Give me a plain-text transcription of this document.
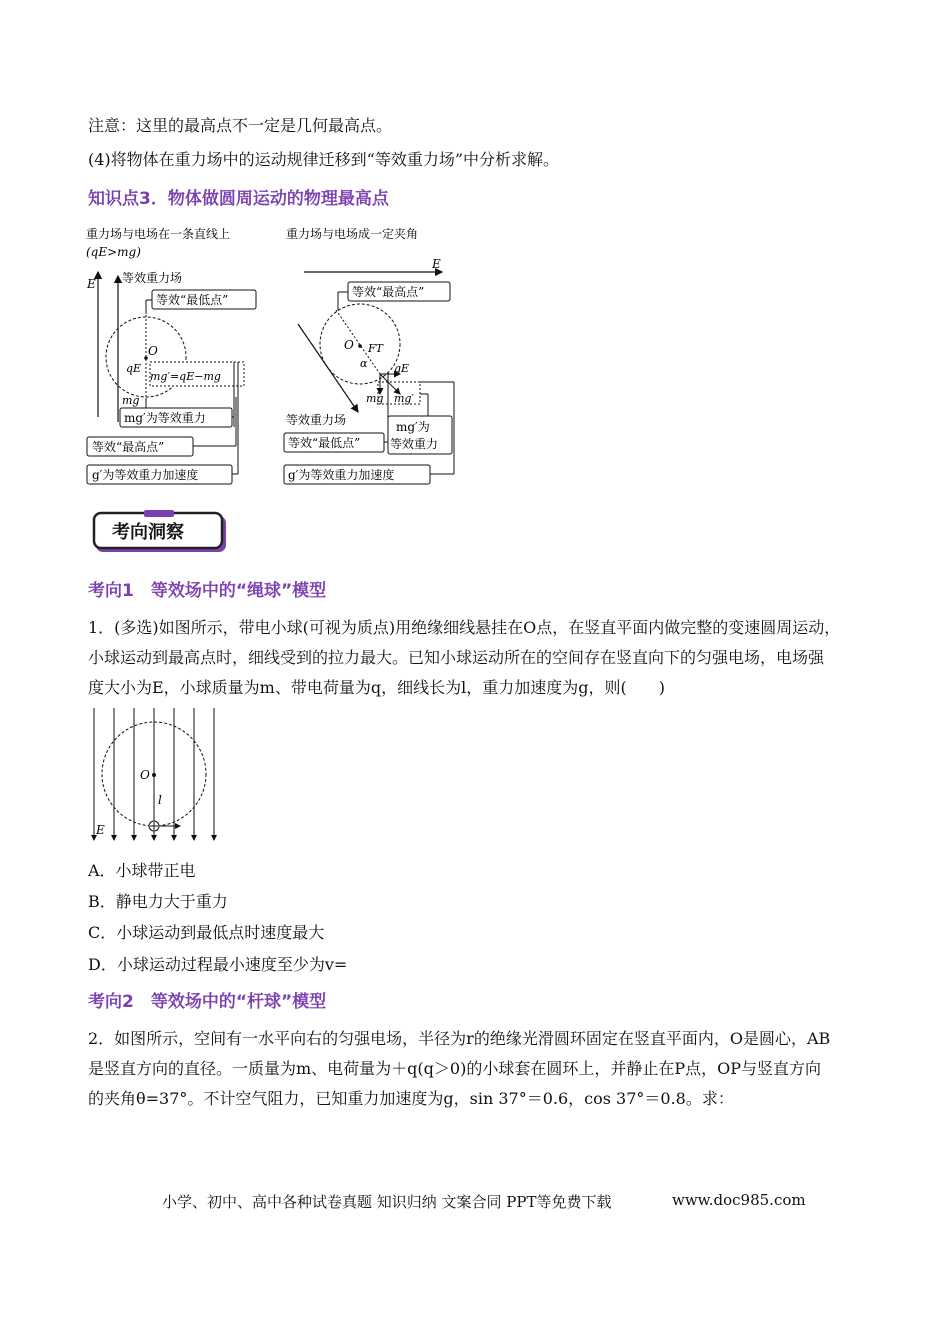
注意：这里的最高点不一定是几何最高点。
(4)将物体在重力场中的运动规律迁移到“等效重力场”中分析求解。
知识点3．物体做圆周运动的物理最高点
重力场与电场在一条直线上
(qE>mg)
E 等效重力场
等效“最低点”
O
qE
mg′=qE−mg
mg
mg′为等效重力
等效“最高点”
g′为等效重力加速度
重力场与电场成一定夹角
E
等效“最高点”
O FT
α qE
mg mg′
等效重力场
等效“最低点”
mg′为
等效重力
g′为等效重力加速度
考向洞察
考向1　等效场中的“绳球”模型
1．(多选)如图所示，带电小球(可视为质点)用绝缘细线悬挂在O点，在竖直平面内做完整的变速圆周运动，
小球运动到最高点时，细线受到的拉力最大。已知小球运动所在的空间存在竖直向下的匀强电场，电场强
度大小为E，小球质量为m、带电荷量为q，细线长为l，重力加速度为g，则(　　)
O
l
E
A．小球带正电
B．静电力大于重力
C．小球运动到最低点时速度最大
D．小球运动过程最小速度至少为v=
考向2　等效场中的“杆球”模型
2．如图所示，空间有一水平向右的匀强电场，半径为r的绝缘光滑圆环固定在竖直平面内，O是圆心，AB
是竖直方向的直径。一质量为m、电荷量为＋q(q＞0)的小球套在圆环上，并静止在P点，OP与竖直方向
的夹角θ=37°。不计空气阻力，已知重力加速度为g，sin 37°＝0.6，cos 37°＝0.8。求：
小学、初中、高中各种试卷真题 知识归纳 文案合同 PPT等免费下载	www.doc985.com
